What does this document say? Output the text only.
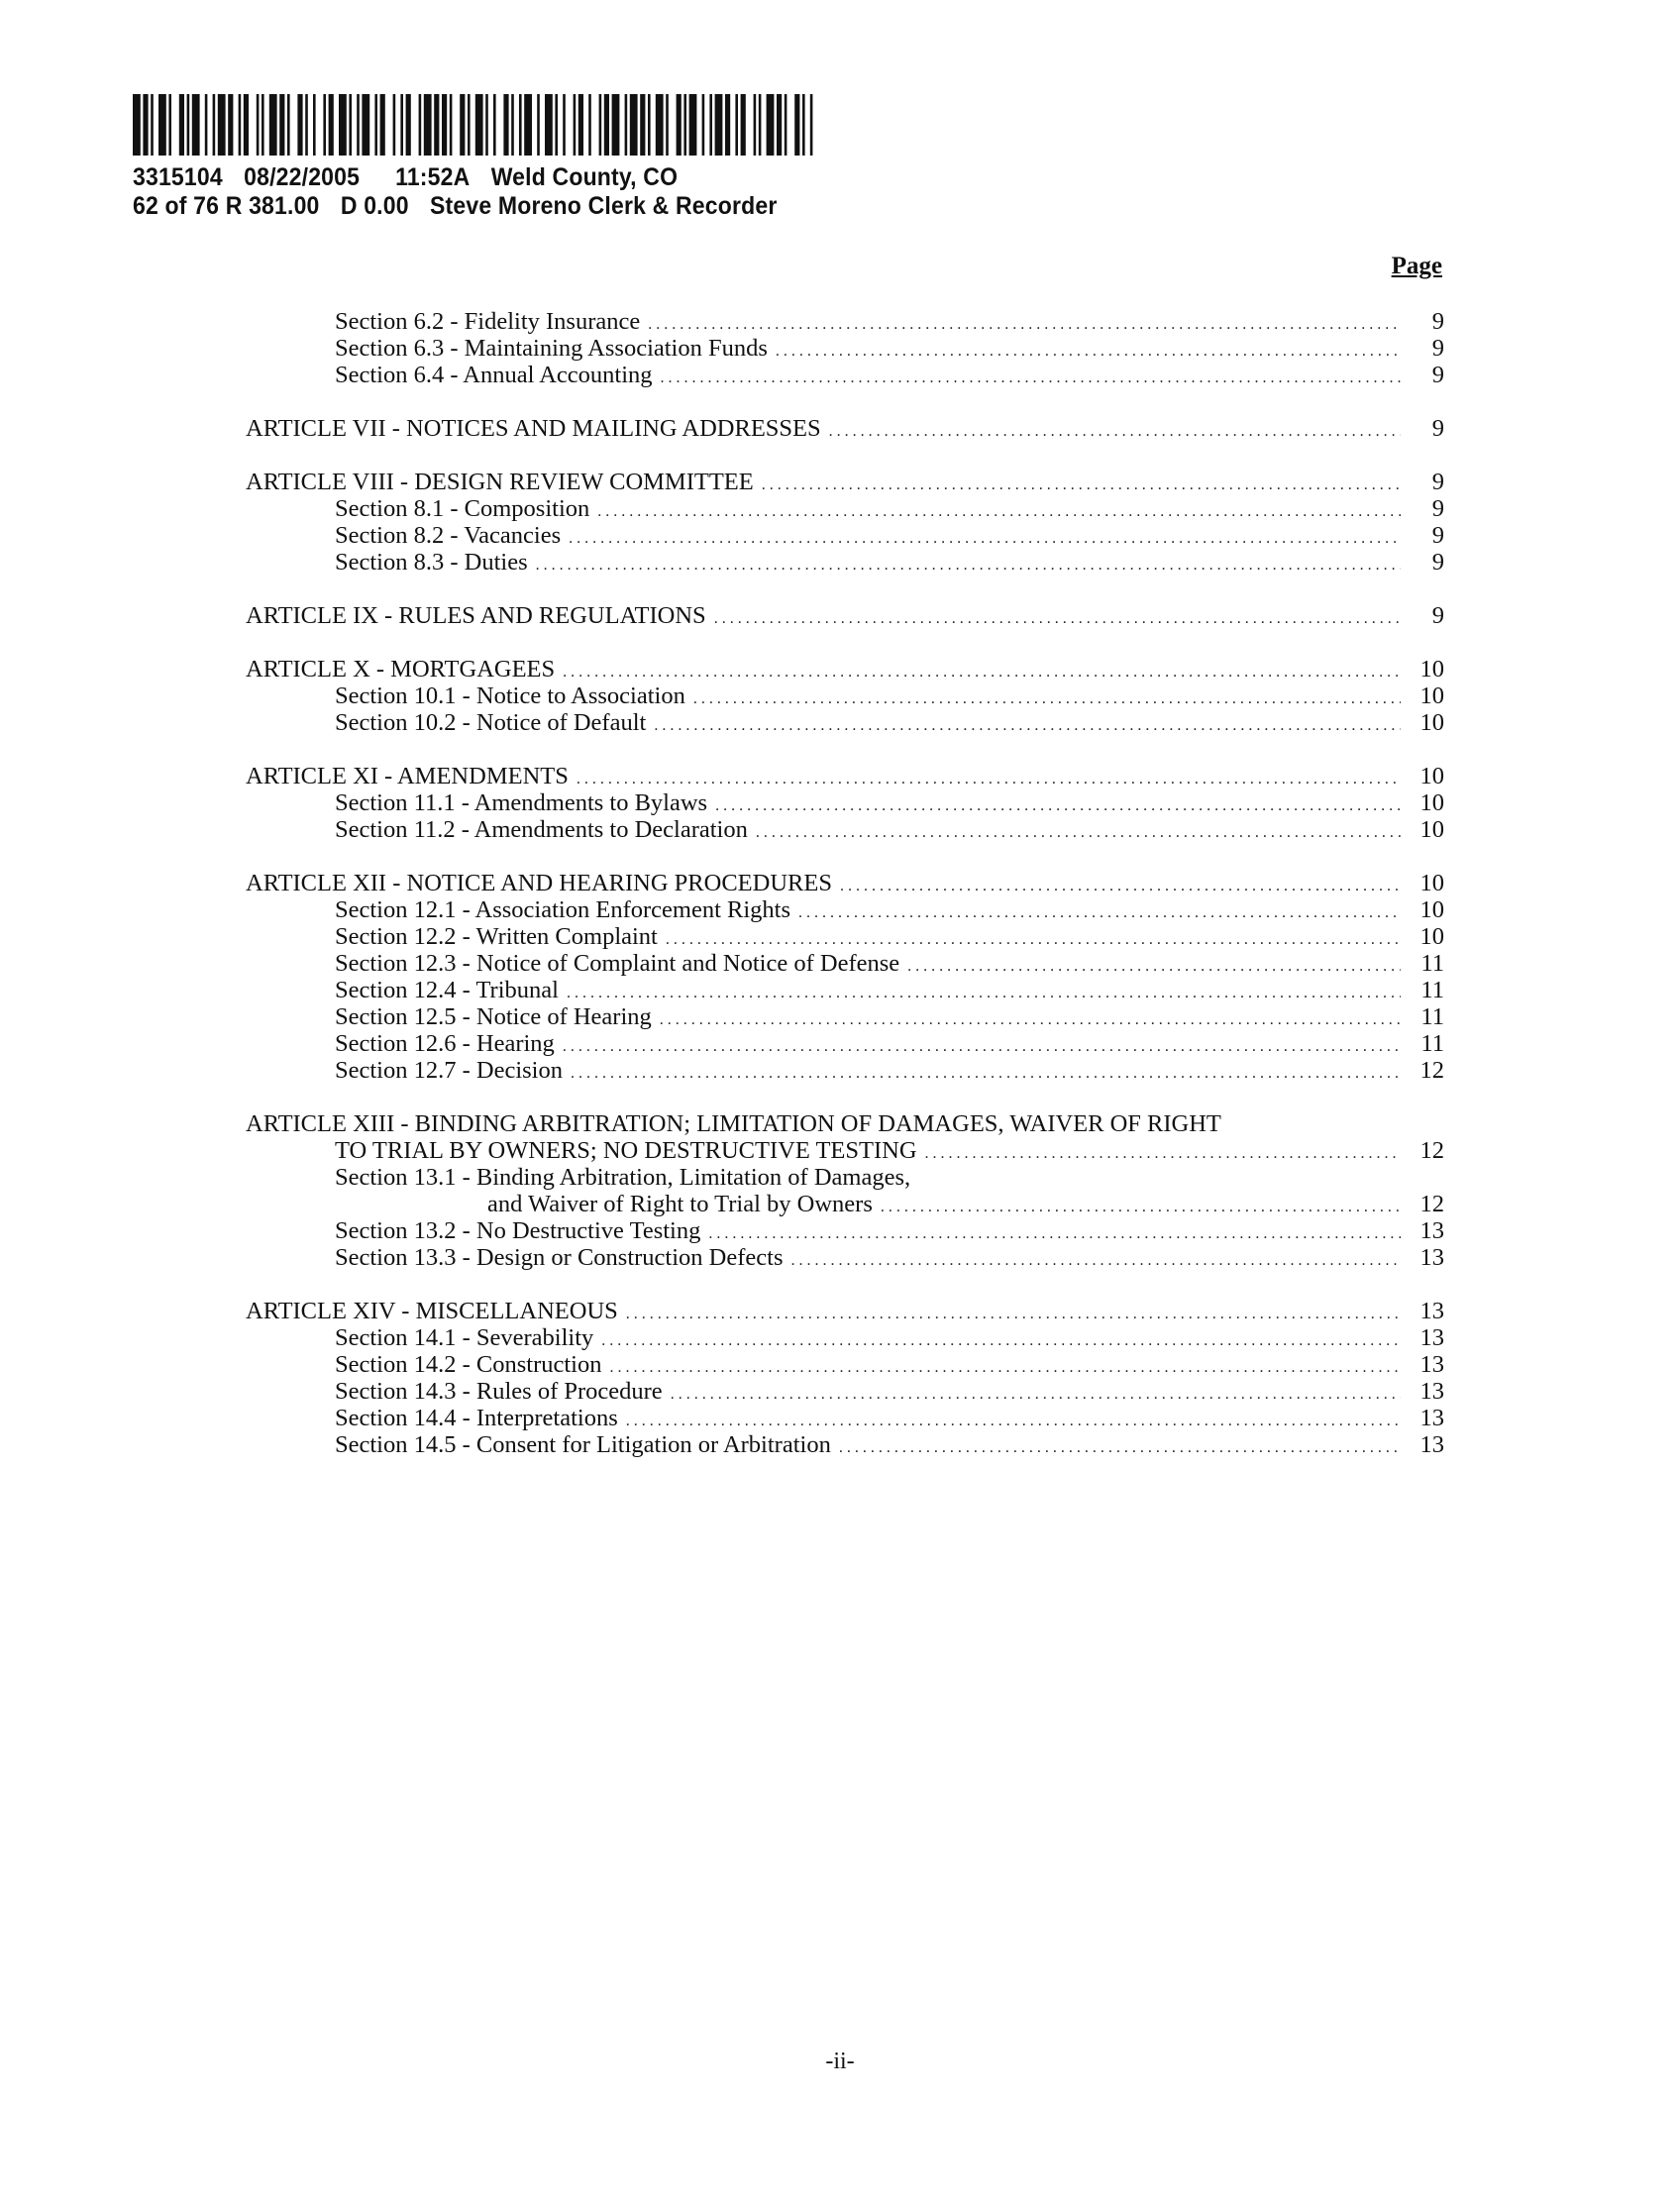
3315104 08/22/2005 11:52A Weld County, CO
62 of 76 R 381.00 D 0.00 Steve Moreno Clerk & Recorder
Page
Section 6.2 - Fidelity Insurance . . .	9
Section 6.3 - Maintaining Association Funds . . .	9
Section 6.4 - Annual Accounting . . .	9
ARTICLE VII - NOTICES AND MAILING ADDRESSES . . .	9
ARTICLE VIII - DESIGN REVIEW COMMITTEE . . .	9
Section 8.1 - Composition . . .	9
Section 8.2 - Vacancies . . .	9
Section 8.3 - Duties . . .	9
ARTICLE IX - RULES AND REGULATIONS . . .	9
ARTICLE X - MORTGAGEES . . .	10
Section 10.1 - Notice to Association . . .	10
Section 10.2 - Notice of Default . . .	10
ARTICLE XI - AMENDMENTS . . .	10
Section 11.1 - Amendments to Bylaws . . .	10
Section 11.2 - Amendments to Declaration . . .	10
ARTICLE XII - NOTICE AND HEARING PROCEDURES . . .	10
Section 12.1 - Association Enforcement Rights . . .	10
Section 12.2 - Written Complaint . . .	10
Section 12.3 - Notice of Complaint and Notice of Defense . . .	11
Section 12.4 - Tribunal . . .	11
Section 12.5 - Notice of Hearing . . .	11
Section 12.6 - Hearing . . .	11
Section 12.7 - Decision . . .	12
ARTICLE XIII - BINDING ARBITRATION; LIMITATION OF DAMAGES, WAIVER OF RIGHT
TO TRIAL BY OWNERS; NO DESTRUCTIVE TESTING . . .	12
Section 13.1 - Binding Arbitration, Limitation of Damages,
and Waiver of Right to Trial by Owners . . .	12
Section 13.2 - No Destructive Testing . . .	13
Section 13.3 - Design or Construction Defects . . .	13
ARTICLE XIV - MISCELLANEOUS . . .	13
Section 14.1 - Severability . . .	13
Section 14.2 - Construction . . .	13
Section 14.3 - Rules of Procedure . . .	13
Section 14.4 - Interpretations . . .	13
Section 14.5 - Consent for Litigation or Arbitration . . .	13
-ii-
